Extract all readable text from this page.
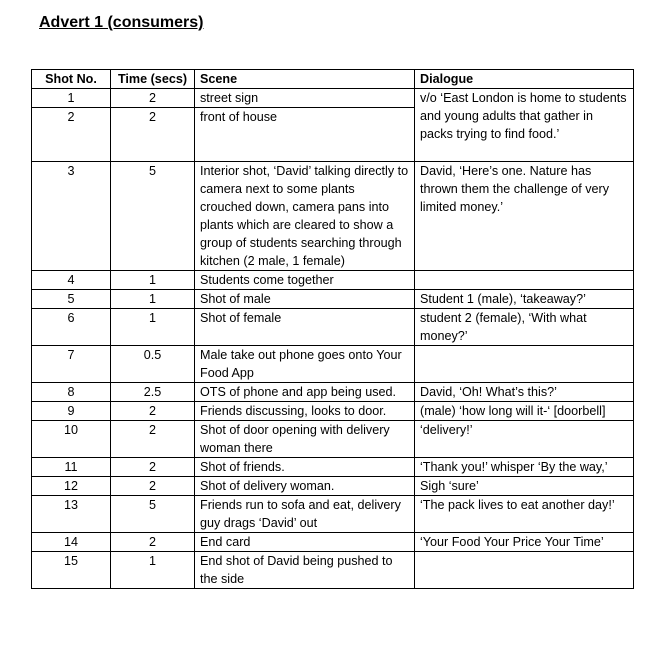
Advert 1 (consumers)
Shot No.	Time (secs)	Scene	Dialogue
1	2	street sign	v/o ‘East London is home to students and young adults that gather in packs trying to find food.’
2	2	front of house	
3	5	Interior shot, ‘David’ talking directly to camera next to some plants crouched down, camera pans into plants which are cleared to show a group of students searching through kitchen (2 male, 1 female)	David, ‘Here’s one. Nature has thrown them the challenge of very limited money.’
4	1	Students come together	
5	1	Shot of male	Student 1 (male), ‘takeaway?’
6	1	Shot of female	student 2 (female), ‘With what money?’
7	0.5	Male take out phone goes onto Your Food App	
8	2.5	OTS of phone and app being used.	David, ‘Oh! What’s this?’
9	2	Friends discussing, looks to door.	(male) ‘how long will it-‘ [doorbell]
10	2	Shot of door opening with delivery woman there	‘delivery!’
11	2	Shot of friends.	‘Thank you!’ whisper ‘By the way,’
12	2	Shot of delivery woman.	Sigh ‘sure’
13	5	Friends run to sofa and eat, delivery guy drags ‘David’ out	‘The pack lives to eat another day!’
14	2	End card	‘Your Food Your Price Your Time’
15	1	End shot of David being pushed to the side	
